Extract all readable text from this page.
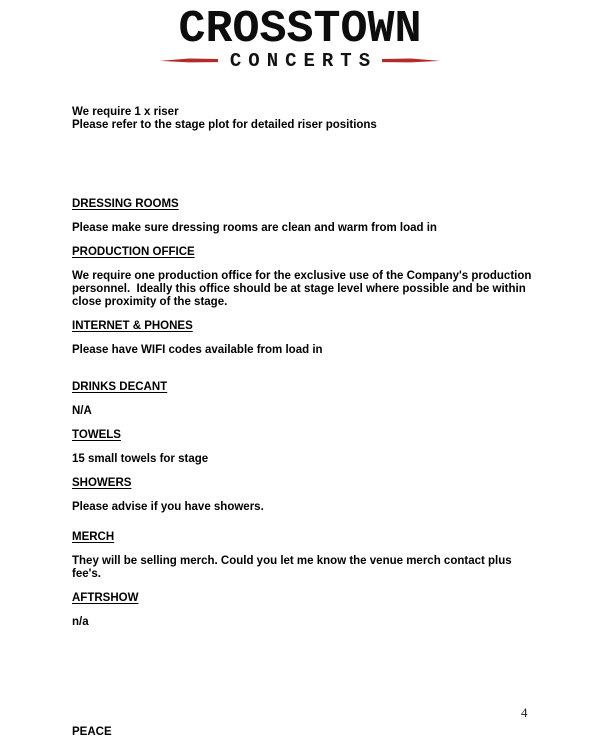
CROSSTOWN
CONCERTS

We require 1 x riser
Please refer to the stage plot for detailed riser positions

DRESSING ROOMS

Please make sure dressing rooms are clean and warm from load in

PRODUCTION OFFICE

We require one production office for the exclusive use of the Company's production personnel.  Ideally this office should be at stage level where possible and be within close proximity of the stage.

INTERNET & PHONES

Please have WIFI codes available from load in

DRINKS DECANT

N/A

TOWELS

15 small towels for stage

SHOWERS

Please advise if you have showers.

MERCH

They will be selling merch. Could you let me know the venue merch contact plus fee's.

AFTRSHOW

n/a

4
PEACE
